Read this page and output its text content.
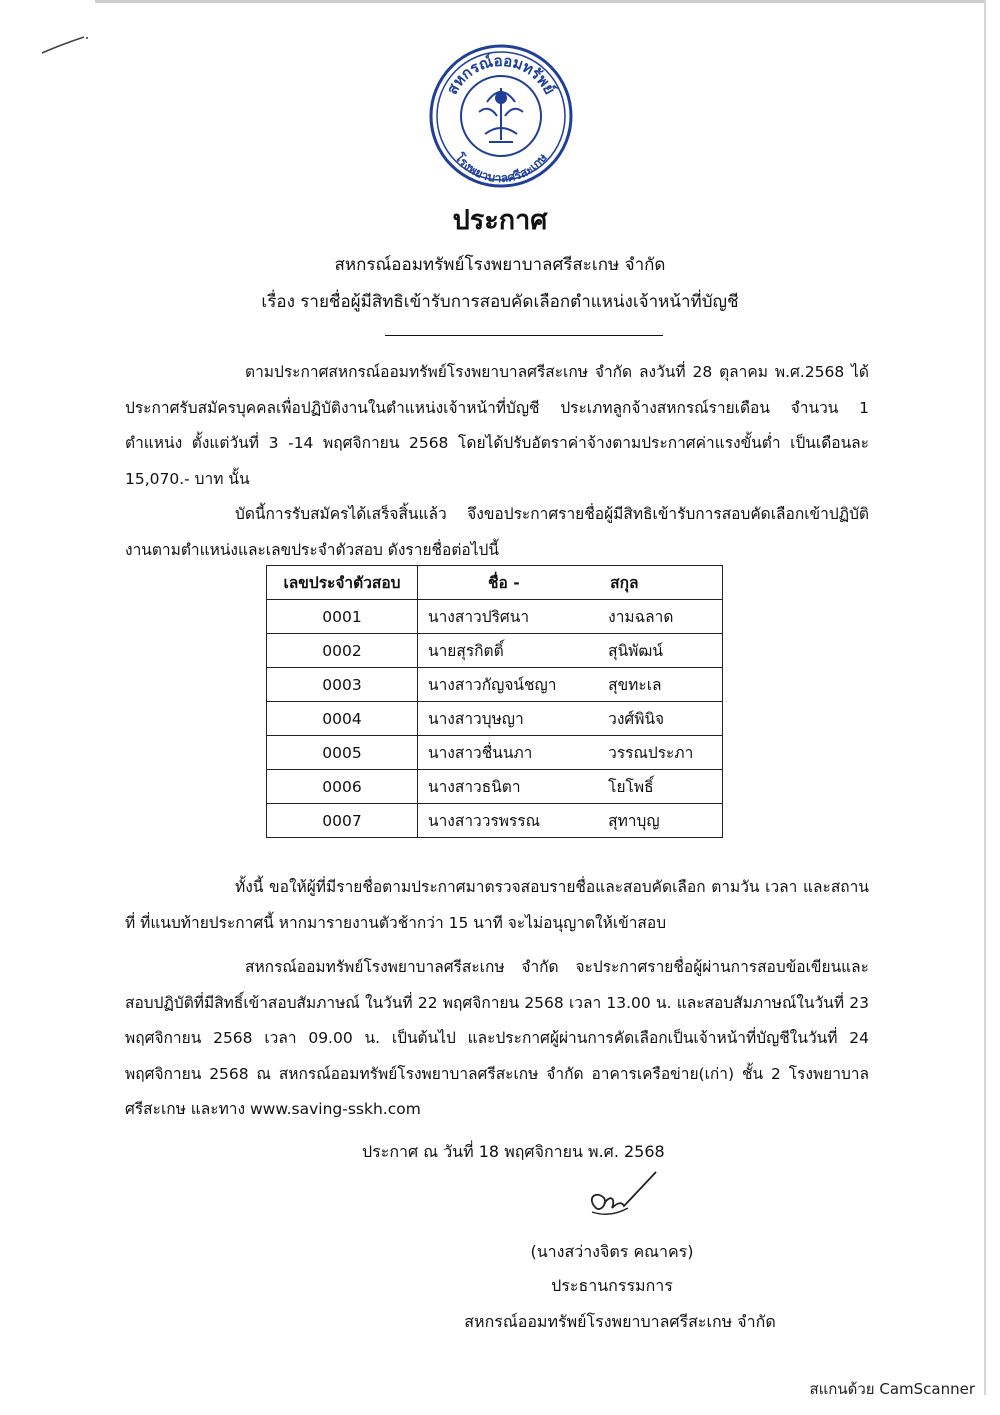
สหกรณ์ออมทรัพย์
โรงพยาบาลศรีสะเกษ
ประกาศ
สหกรณ์ออมทรัพย์โรงพยาบาลศรีสะเกษ จำกัด
เรื่อง รายชื่อผู้มีสิทธิเข้ารับการสอบคัดเลือกตำแหน่งเจ้าหน้าที่บัญชี

ตามประกาศสหกรณ์ออมทรัพย์โรงพยาบาลศรีสะเกษ จำกัด ลงวันที่ 28 ตุลาคม พ.ศ.2568 ได้ประกาศรับสมัครบุคคลเพื่อปฏิบัติงานในตำแหน่งเจ้าหน้าที่บัญชี ประเภทลูกจ้างสหกรณ์รายเดือน จำนวน 1 ตำแหน่ง ตั้งแต่วันที่ 3 -14 พฤศจิกายน 2568 โดยได้ปรับอัตราค่าจ้างตามประกาศค่าแรงขั้นต่ำ เป็นเดือนละ 15,070.- บาท นั้น

บัดนี้การรับสมัครได้เสร็จสิ้นแล้ว จึงขอประกาศรายชื่อผู้มีสิทธิเข้ารับการสอบคัดเลือกเข้าปฏิบัติงานตามตำแหน่งและเลขประจำตัวสอบ ดังรายชื่อต่อไปนี้

เลขประจำตัวสอบ	ชื่อ -	สกุล
0001	นางสาวปริศนา	งามฉลาด
0002	นายสุรกิตติ์	สุนิพัฒน์
0003	นางสาวกัญจน์ชญา	สุขทะเล
0004	นางสาวบุษญา	วงศ์พินิจ
0005	นางสาวชื่นนภา	วรรณประภา
0006	นางสาวธนิตา	โยโพธิ์
0007	นางสาววรพรรณ	สุทาบุญ

ทั้งนี้ ขอให้ผู้ที่มีรายชื่อตามประกาศมาตรวจสอบรายชื่อและสอบคัดเลือก ตามวัน เวลา และสถานที่ ที่แนบท้ายประกาศนี้ หากมารายงานตัวช้ากว่า 15 นาที จะไม่อนุญาตให้เข้าสอบ

สหกรณ์ออมทรัพย์โรงพยาบาลศรีสะเกษ จำกัด จะประกาศรายชื่อผู้ผ่านการสอบข้อเขียนและสอบปฏิบัติที่มีสิทธิ์เข้าสอบสัมภาษณ์ ในวันที่ 22 พฤศจิกายน 2568 เวลา 13.00 น. และสอบสัมภาษณ์ในวันที่ 23 พฤศจิกายน 2568 เวลา 09.00 น. เป็นต้นไป และประกาศผู้ผ่านการคัดเลือกเป็นเจ้าหน้าที่บัญชีในวันที่ 24 พฤศจิกายน 2568 ณ สหกรณ์ออมทรัพย์โรงพยาบาลศรีสะเกษ จำกัด อาคารเครือข่าย(เก่า) ชั้น 2 โรงพยาบาลศรีสะเกษ และทาง www.saving-sskh.com

ประกาศ ณ วันที่ 18 พฤศจิกายน พ.ศ. 2568
(นางสว่างจิตร คณาคร)
ประธานกรรมการ
สหกรณ์ออมทรัพย์โรงพยาบาลศรีสะเกษ จำกัด
สแกนด้วย CamScanner
